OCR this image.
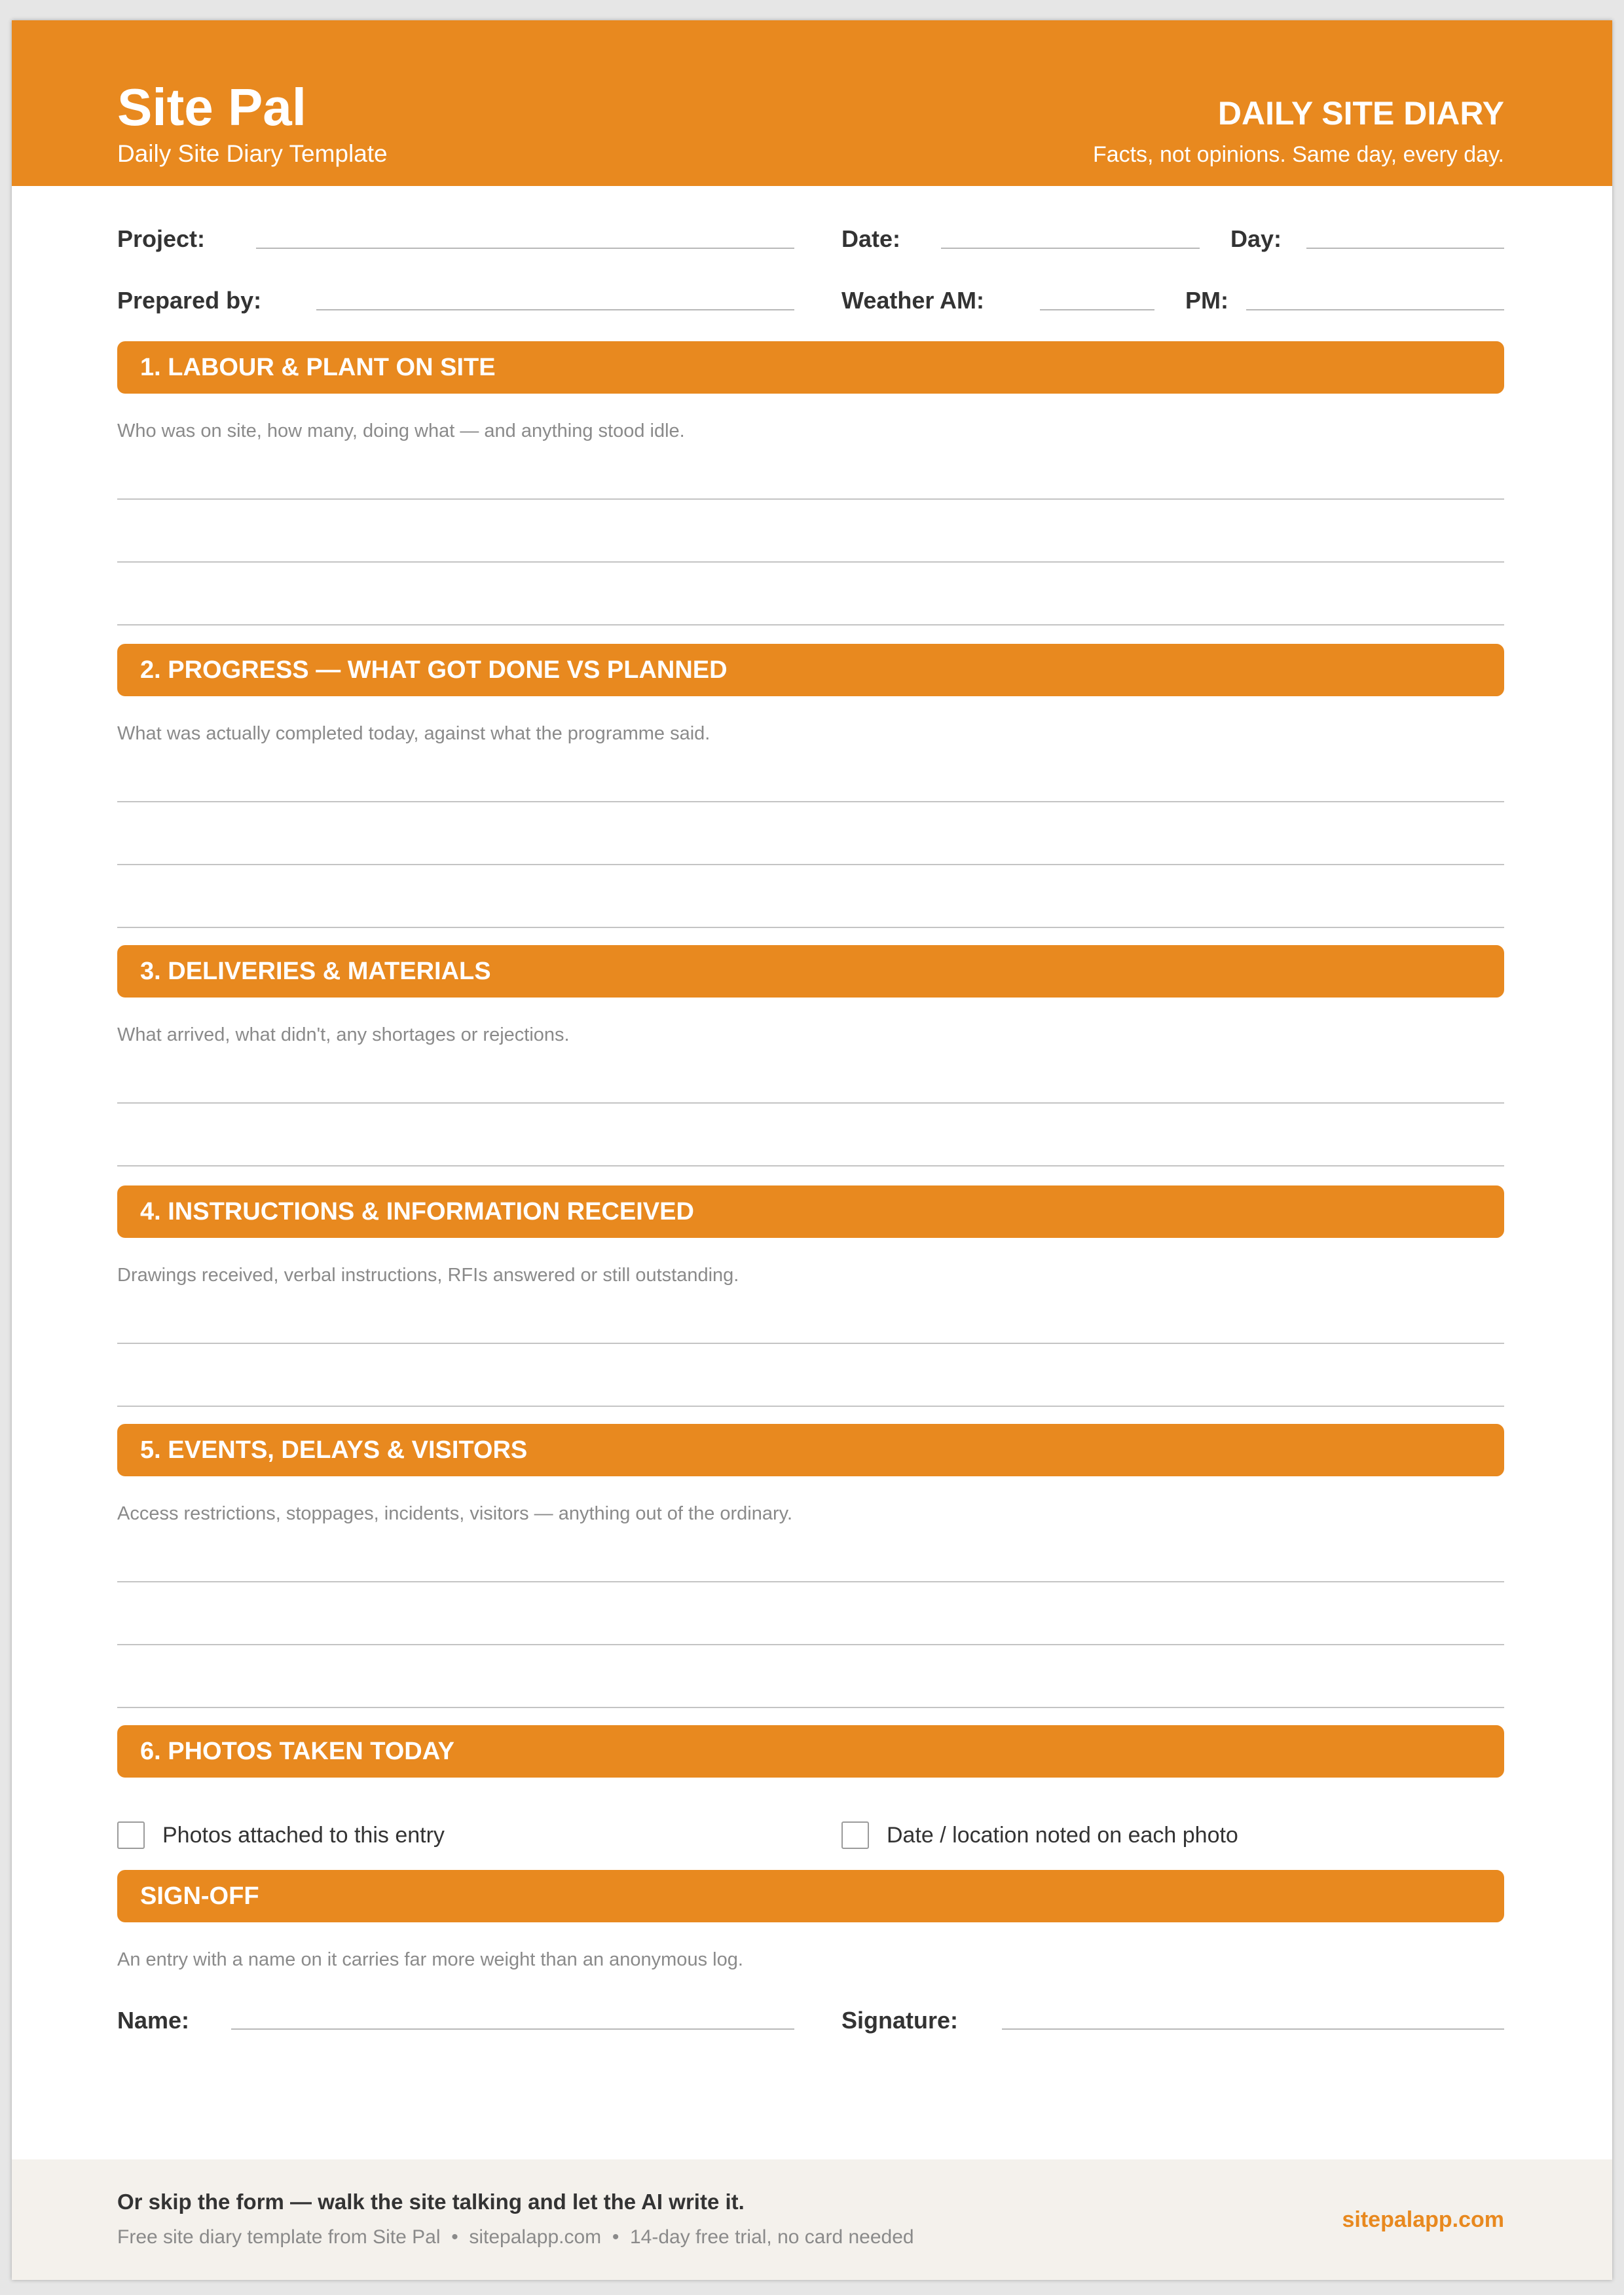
Site Pal
Daily Site Diary Template
DAILY SITE DIARY
Facts, not opinions. Same day, every day.
Project:	Date:	Day:
Prepared by:	Weather AM:	PM:
1. LABOUR & PLANT ON SITE
Who was on site, how many, doing what — and anything stood idle.
2. PROGRESS — WHAT GOT DONE VS PLANNED
What was actually completed today, against what the programme said.
3. DELIVERIES & MATERIALS
What arrived, what didn't, any shortages or rejections.
4. INSTRUCTIONS & INFORMATION RECEIVED
Drawings received, verbal instructions, RFIs answered or still outstanding.
5. EVENTS, DELAYS & VISITORS
Access restrictions, stoppages, incidents, visitors — anything out of the ordinary.
6. PHOTOS TAKEN TODAY
Photos attached to this entry	Date / location noted on each photo
SIGN-OFF
An entry with a name on it carries far more weight than an anonymous log.
Name:	Signature:
Or skip the form — walk the site talking and let the AI write it.
Free site diary template from Site Pal  •  sitepalapp.com  •  14-day free trial, no card needed
sitepalapp.com
